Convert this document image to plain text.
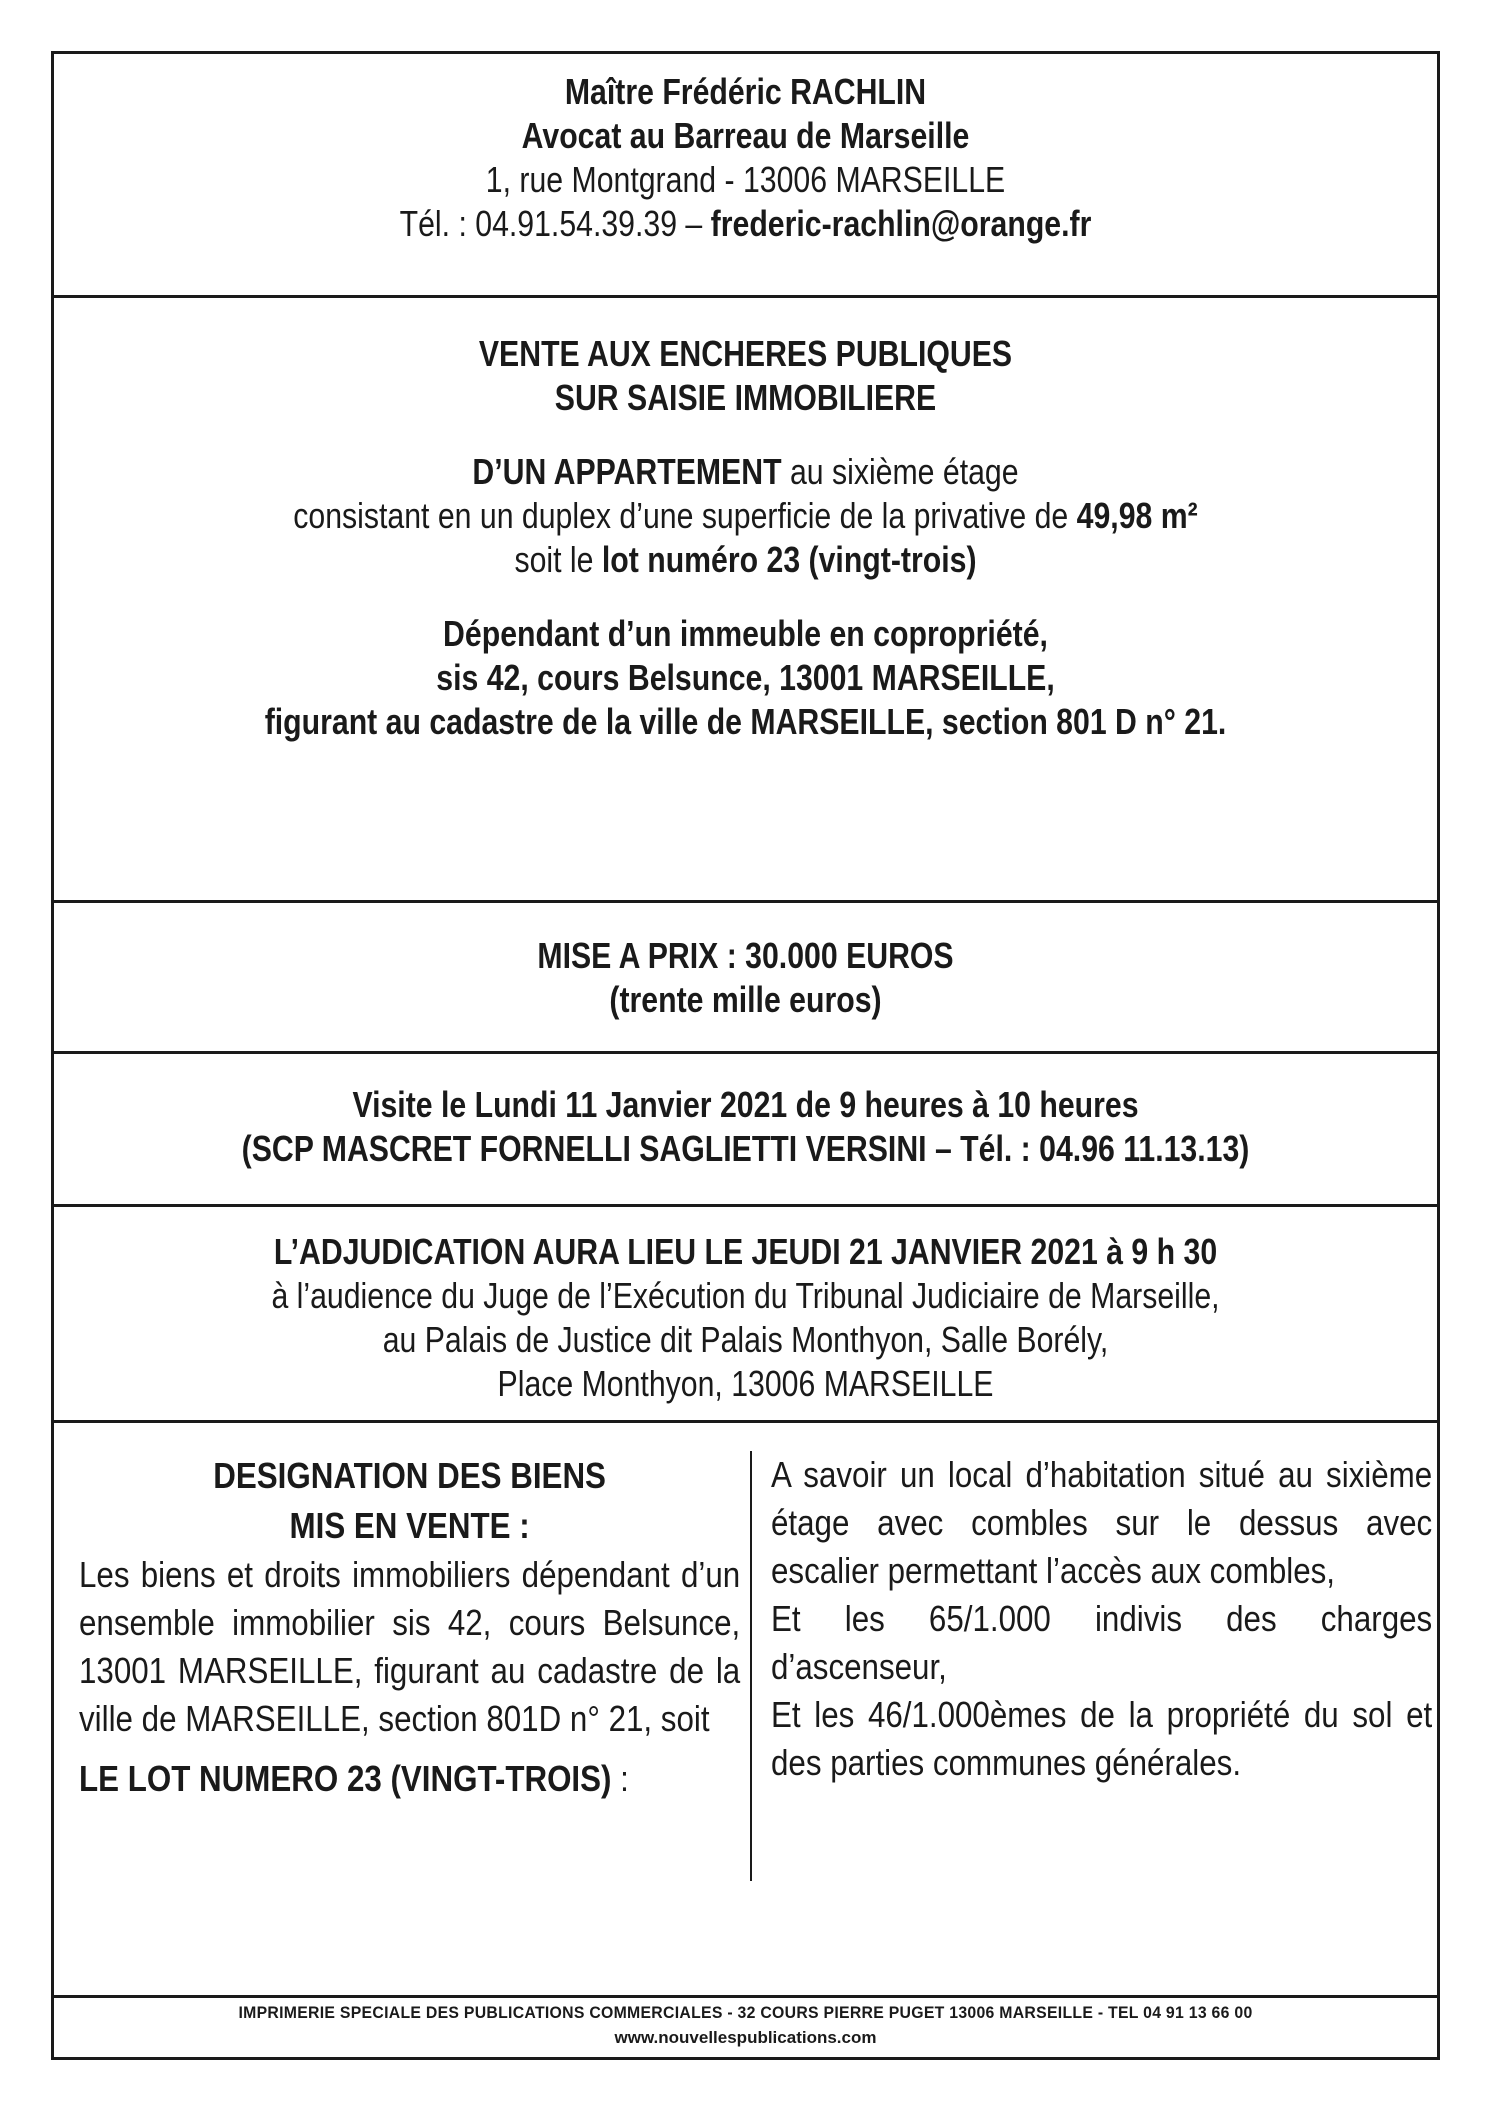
Maître Frédéric RACHLIN
Avocat au Barreau de Marseille
1, rue Montgrand - 13006 MARSEILLE
Tél. : 04.91.54.39.39 – frederic-rachlin@orange.fr
VENTE AUX ENCHERES PUBLIQUES
SUR SAISIE IMMOBILIERE
D’UN APPARTEMENT au sixième étage
consistant en un duplex d’une superficie de la privative de 49,98 m²
soit le lot numéro 23 (vingt-trois)
Dépendant d’un immeuble en copropriété,
sis 42, cours Belsunce, 13001 MARSEILLE,
figurant au cadastre de la ville de MARSEILLE, section 801 D n° 21.
MISE A PRIX : 30.000 EUROS
(trente mille euros)
Visite le Lundi 11 Janvier 2021 de 9 heures à 10 heures
(SCP MASCRET FORNELLI SAGLIETTI VERSINI – Tél. : 04.96 11.13.13)
L’ADJUDICATION AURA LIEU LE JEUDI 21 JANVIER 2021 à 9 h 30
à l’audience du Juge de l’Exécution du Tribunal Judiciaire de Marseille,
au Palais de Justice dit Palais Monthyon, Salle Borély,
Place Monthyon, 13006 MARSEILLE
DESIGNATION DES BIENS
MIS EN VENTE :
Les biens et droits immobiliers dépendant d’un ensemble immobilier sis 42, cours Belsunce, 13001 MARSEILLE, figurant au cadastre de la ville de MARSEILLE, section 801D n° 21, soit
LE LOT NUMERO 23 (VINGT-TROIS) :
A savoir un local d’habitation situé au sixième étage avec combles sur le dessus avec escalier permettant l’accès aux combles,
Et les 65/1.000 indivis des charges d’ascenseur,
Et les 46/1.000èmes de la propriété du sol et des parties communes générales.
IMPRIMERIE SPECIALE DES PUBLICATIONS COMMERCIALES - 32 COURS PIERRE PUGET 13006 MARSEILLE - TEL 04 91 13 66 00
www.nouvellespublications.com
